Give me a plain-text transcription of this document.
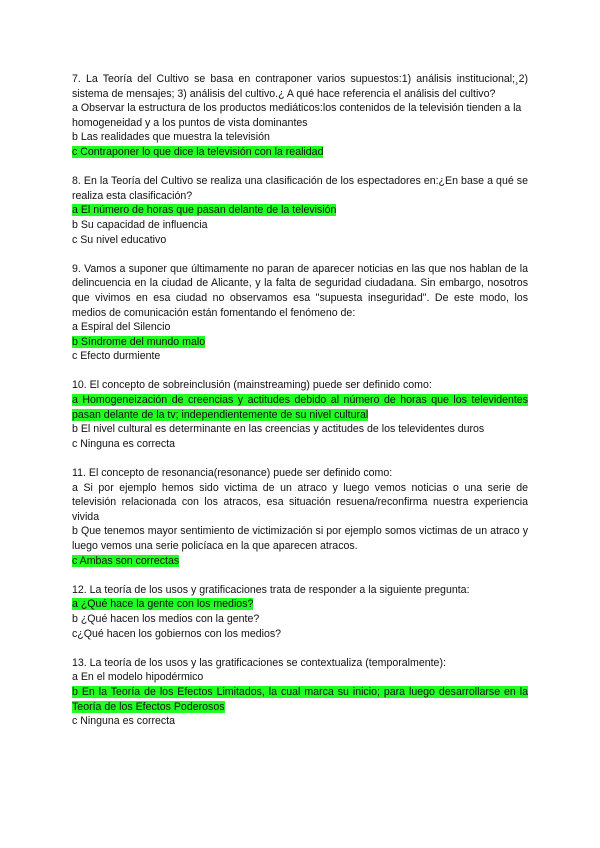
7. La Teoría del Cultivo se basa en contraponer varios supuestos:1) análisis institucional;¸2) sistema de mensajes; 3) análisis del cultivo.¿ A qué hace referencia el análisis del cultivo?
a Observar la estructura de los productos mediáticos:los contenidos de la televisión tienden a la homogeneidad y a los puntos de vista dominantes
b Las realidades que muestra la televisión
c Contraponer lo que dice la televisión con la realidad
8. En la Teoría del Cultivo se realiza una clasificación de los espectadores en:¿En base a qué se realiza esta clasificación?
a El número de horas que pasan delante de la televisión
b Su capacidad de influencia
c Su nivel educativo
9. Vamos a suponer que últimamente no paran de aparecer noticias en las que nos hablan de la delincuencia en la ciudad de Alicante, y la falta de seguridad ciudadana. Sin embargo, nosotros que vivimos en esa ciudad no observamos esa "supuesta inseguridad". De este modo, los medios de comunicación están fomentando el fenómeno de:
a Espiral del Silencio
b Síndrome del mundo malo
c Efecto durmiente
10. El concepto de sobreinclusión (mainstreaming) puede ser definido como:
a Homogeneización de creencias y actitudes debido al número de horas que los televidentes pasan delante de la tv; independientemente de su nivel cultural
b El nivel cultural es determinante en las creencias y actitudes de los televidentes duros
c Ninguna es correcta
11. El concepto de resonancia(resonance) puede ser definido como:
a Si por ejemplo hemos sido victima de un atraco y luego vemos noticias o una serie de televisión relacionada con los atracos, esa situación resuena/reconfirma nuestra experiencia vivida
b Que tenemos mayor sentimiento de victimización si por ejemplo somos victimas de un atraco y luego vemos una serie policíaca en la que aparecen atracos.
c Ambas son correctas
12. La teoría de los usos y gratificaciones trata de responder a la siguiente pregunta:
a ¿Qué hace la gente con los medios?
b ¿Qué hacen los medios con la gente?
c¿Qué hacen los gobiernos con los medios?
13. La teoría de los usos y las gratificaciones se contextualiza (temporalmente):
a En el modelo hipodérmico
b En la Teoría de los Efectos Limitados, la cual marca su inicio; para luego desarrollarse en la Teoría de los Efectos Poderosos
c Ninguna es correcta
